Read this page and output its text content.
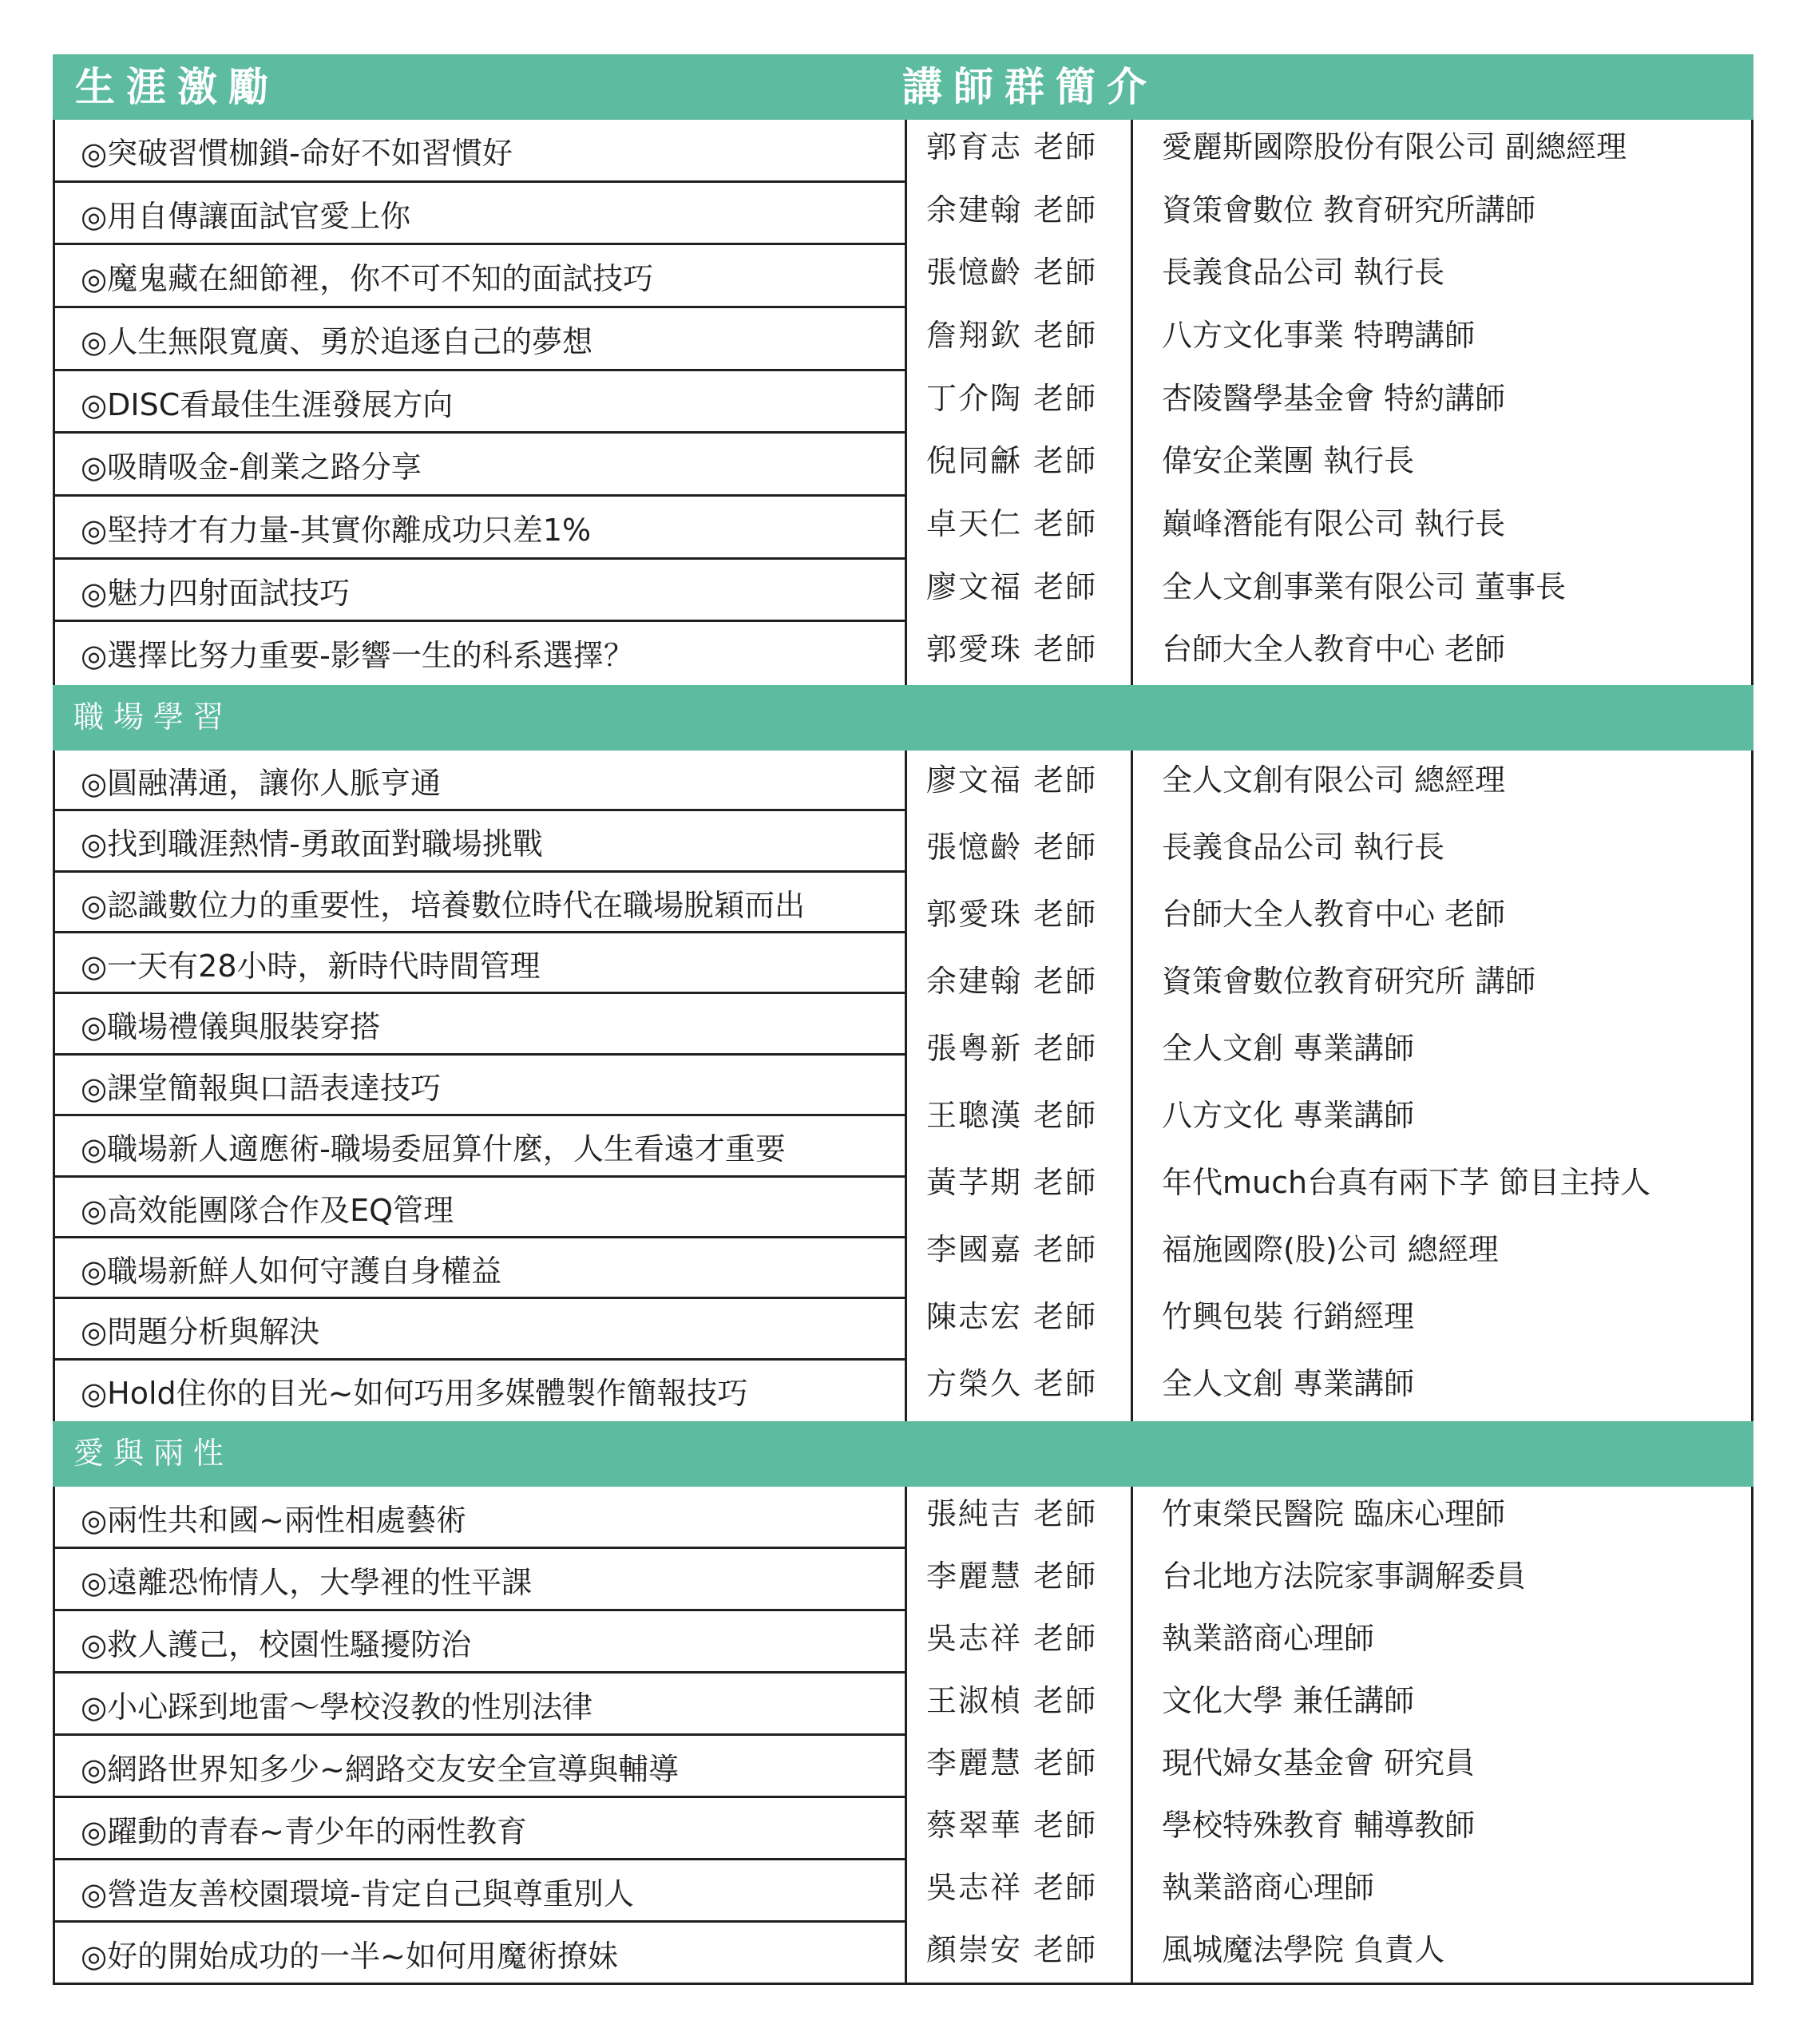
生涯激勵	講師群簡介
◎突破習慣枷鎖-命好不如習慣好
◎用自傳讓面試官愛上你
◎魔鬼藏在細節裡，你不可不知的面試技巧
◎人生無限寬廣、勇於追逐自己的夢想
◎DISC看最佳生涯發展方向
◎吸睛吸金-創業之路分享
◎堅持才有力量-其實你離成功只差1%
◎魅力四射面試技巧
◎選擇比努力重要-影響一生的科系選擇？
郭育志 老師 愛麗斯國際股份有限公司 副總經理
余建翰 老師 資策會數位 教育研究所講師
張憶齡 老師 長義食品公司 執行長
詹翔欽 老師 八方文化事業 特聘講師
丁介陶 老師 杏陵醫學基金會 特約講師
倪同龢 老師 偉安企業團 執行長
卓天仁 老師 巔峰潛能有限公司 執行長
廖文福 老師 全人文創事業有限公司 董事長
郭愛珠 老師 台師大全人教育中心 老師
職場學習
◎圓融溝通，讓你人脈亨通
◎找到職涯熱情-勇敢面對職場挑戰
◎認識數位力的重要性，培養數位時代在職場脫穎而出
◎一天有28小時，新時代時間管理
◎職場禮儀與服裝穿搭
◎課堂簡報與口語表達技巧
◎職場新人適應術-職場委屈算什麼，人生看遠才重要
◎高效能團隊合作及EQ管理
◎職場新鮮人如何守護自身權益
◎問題分析與解決
◎Hold住你的目光~如何巧用多媒體製作簡報技巧
廖文福 老師 全人文創有限公司 總經理
張憶齡 老師 長義食品公司 執行長
郭愛珠 老師 台師大全人教育中心 老師
余建翰 老師 資策會數位教育研究所 講師
張粵新 老師 全人文創 專業講師
王聰漢 老師 八方文化 專業講師
黃芓期 老師 年代much台真有兩下芓 節目主持人
李國嘉 老師 福施國際(股)公司 總經理
陳志宏 老師 竹興包裝 行銷經理
方榮久 老師 全人文創 專業講師
愛與兩性
◎兩性共和國~兩性相處藝術
◎遠離恐怖情人，大學裡的性平課
◎救人護己，校園性騷擾防治
◎小心踩到地雷～學校沒教的性別法律
◎網路世界知多少~網路交友安全宣導與輔導
◎躍動的青春~青少年的兩性教育
◎營造友善校園環境-肯定自己與尊重別人
◎好的開始成功的一半~如何用魔術撩妹
張純吉 老師 竹東榮民醫院 臨床心理師
李麗慧 老師 台北地方法院家事調解委員
吳志祥 老師 執業諮商心理師
王淑楨 老師 文化大學 兼任講師
李麗慧 老師 現代婦女基金會 研究員
蔡翠華 老師 學校特殊教育 輔導教師
吳志祥 老師 執業諮商心理師
顏崇安 老師 風城魔法學院 負責人
